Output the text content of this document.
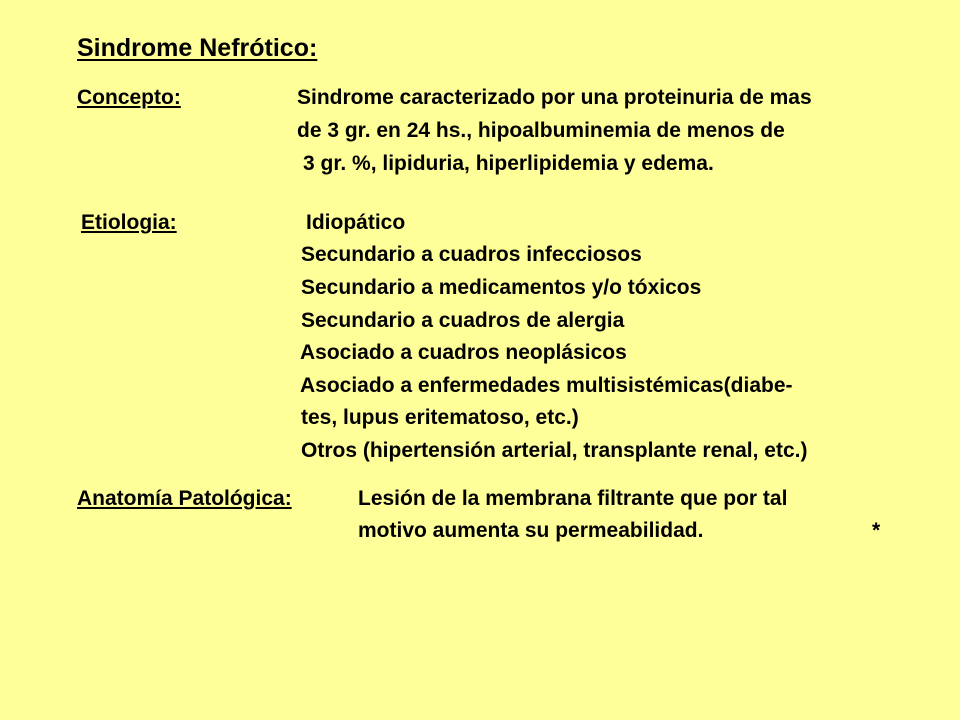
Sindrome Nefrótico:
Concepto:	Sindrome caracterizado por una proteinuria de mas
de 3 gr. en 24 hs., hipoalbuminemia de menos de
3 gr. %, lipiduria, hiperlipidemia y edema.
Etiologia:	Idiopático
Secundario a cuadros infecciosos
Secundario a medicamentos y/o tóxicos
Secundario a cuadros de alergia
Asociado a cuadros neoplásicos
Asociado a enfermedades multisistémicas(diabe-
tes, lupus eritematoso, etc.)
Otros (hipertensión arterial, transplante renal, etc.)
Anatomía Patológica:	Lesión de la membrana filtrante que por tal
motivo aumenta su permeabilidad.	*
